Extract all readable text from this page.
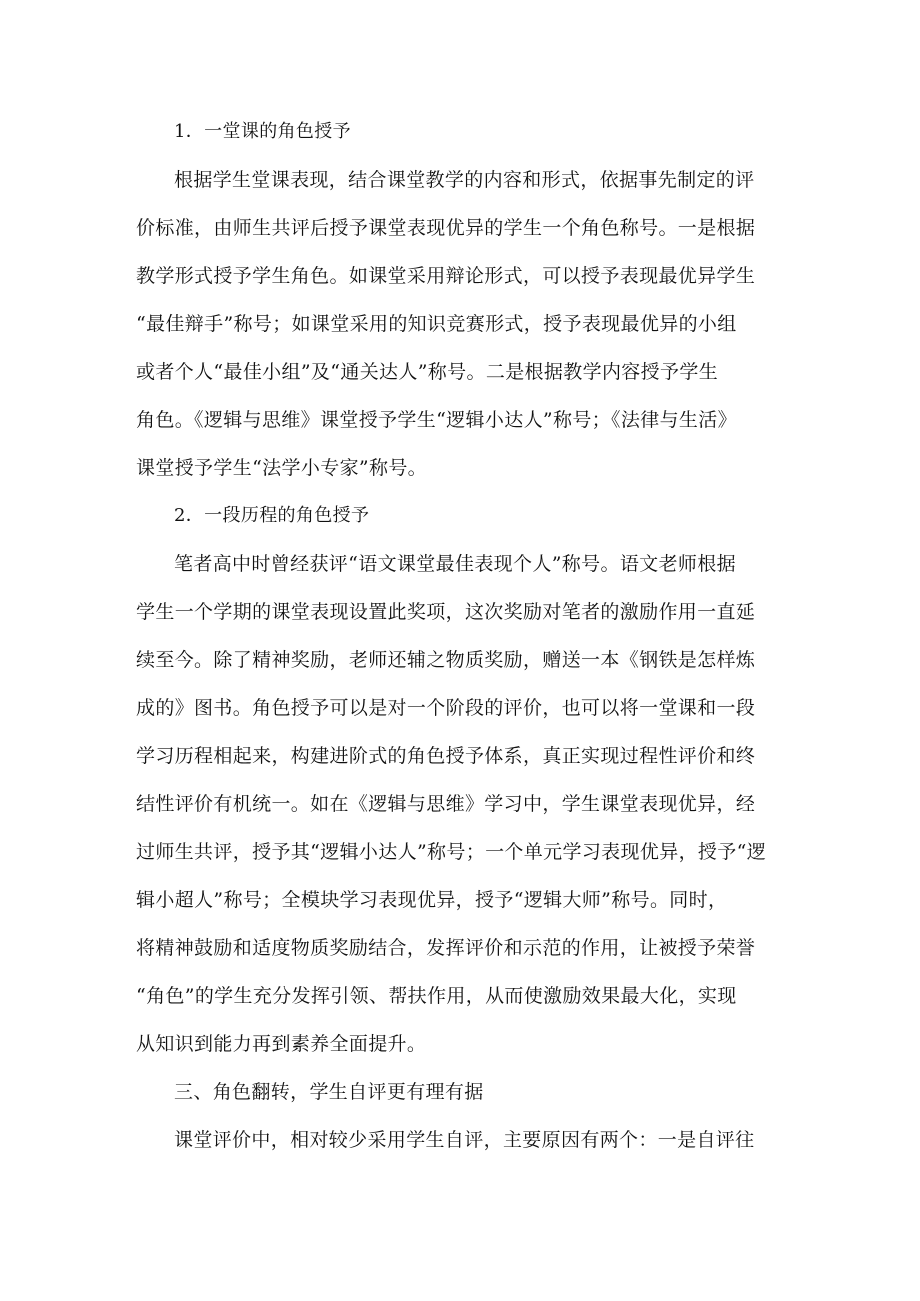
1．一堂课的角色授予
根据学生堂课表现，结合课堂教学的内容和形式，依据事先制定的评
价标准，由师生共评后授予课堂表现优异的学生一个角色称号。一是根据
教学形式授予学生角色。如课堂采用辩论形式，可以授予表现最优异学生
“最佳辩手”称号；如课堂采用的知识竞赛形式，授予表现最优异的小组
或者个人“最佳小组”及“通关达人”称号。二是根据教学内容授予学生
角色。《逻辑与思维》课堂授予学生“逻辑小达人”称号；《法律与生活》
课堂授予学生“法学小专家”称号。
2．一段历程的角色授予
笔者高中时曾经获评“语文课堂最佳表现个人”称号。语文老师根据
学生一个学期的课堂表现设置此奖项，这次奖励对笔者的激励作用一直延
续至今。除了精神奖励，老师还辅之物质奖励，赠送一本《钢铁是怎样炼
成的》图书。角色授予可以是对一个阶段的评价，也可以将一堂课和一段
学习历程相起来，构建进阶式的角色授予体系，真正实现过程性评价和终
结性评价有机统一。如在《逻辑与思维》学习中，学生课堂表现优异，经
过师生共评，授予其“逻辑小达人”称号；一个单元学习表现优异，授予“逻
辑小超人”称号；全模块学习表现优异，授予“逻辑大师”称号。同时，
将精神鼓励和适度物质奖励结合，发挥评价和示范的作用，让被授予荣誉
“角色”的学生充分发挥引领、帮扶作用，从而使激励效果最大化，实现
从知识到能力再到素养全面提升。
三、角色翻转，学生自评更有理有据
课堂评价中，相对较少采用学生自评，主要原因有两个：一是自评往
